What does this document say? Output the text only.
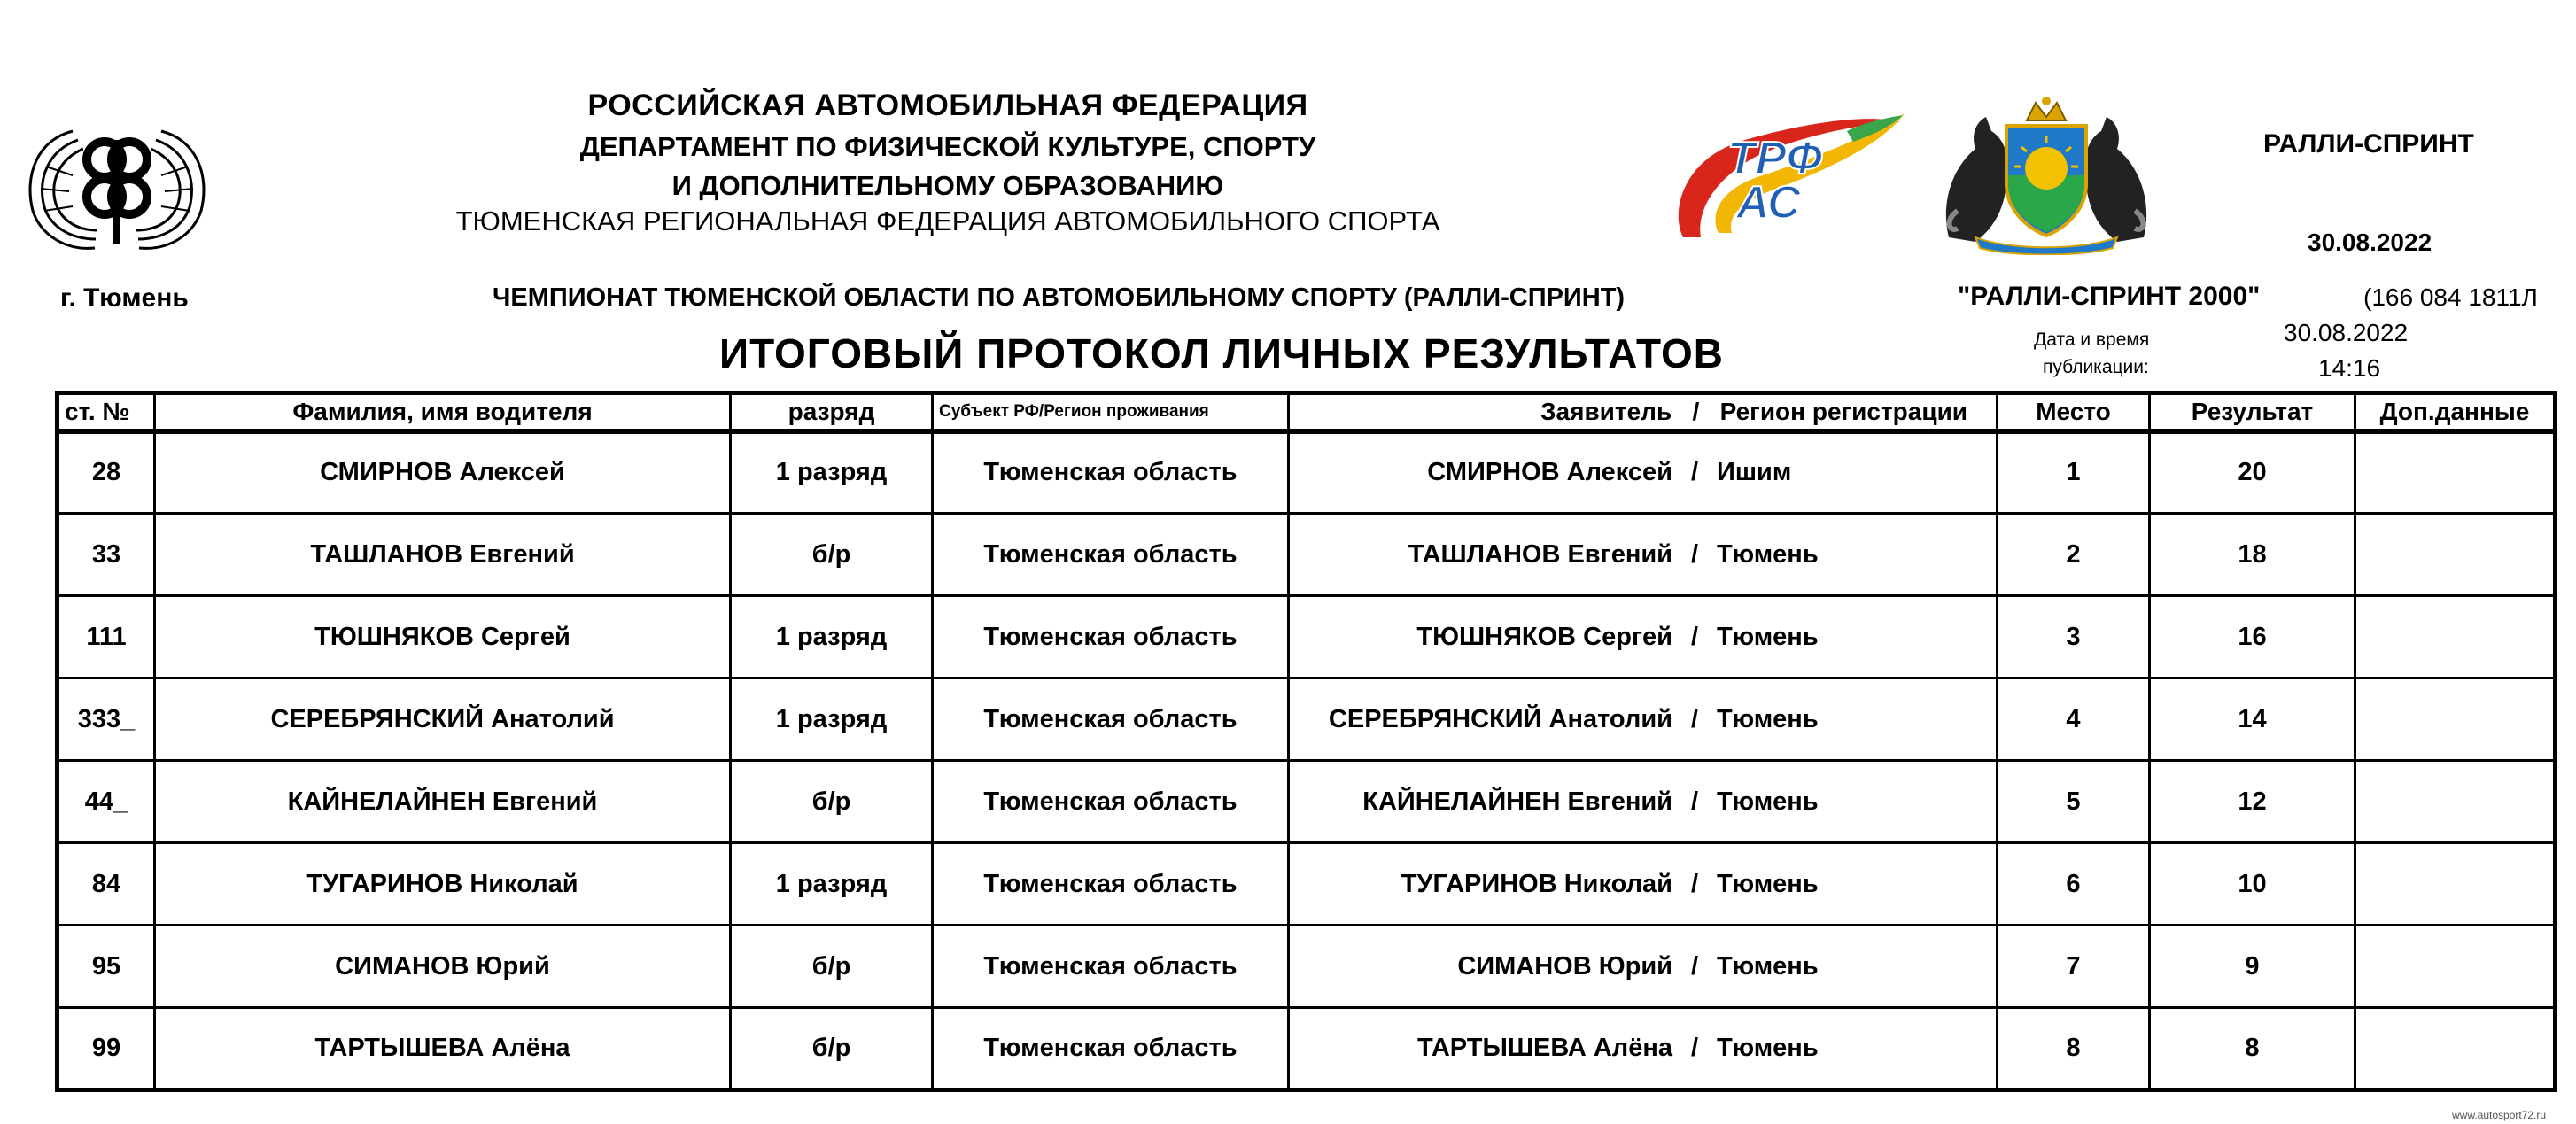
РОССИЙСКАЯ АВТОМОБИЛЬНАЯ ФЕДЕРАЦИЯ
ДЕПАРТАМЕНТ ПО ФИЗИЧЕСКОЙ КУЛЬТУРЕ, СПОРТУ
И ДОПОЛНИТЕЛЬНОМУ ОБРАЗОВАНИЮ
ТЮМЕНСКАЯ РЕГИОНАЛЬНАЯ ФЕДЕРАЦИЯ АВТОМОБИЛЬНОГО СПОРТА
ТРФ
АС
РАЛЛИ-СПРИНТ
30.08.2022
г. Тюмень	ЧЕМПИОНАТ ТЮМЕНСКОЙ ОБЛАСТИ ПО АВТОМОБИЛЬНОМУ СПОРТУ (РАЛЛИ-СПРИНТ)	"РАЛЛИ-СПРИНТ 2000"	(166 084 1811Л
ИТОГОВЫЙ ПРОТОКОЛ ЛИЧНЫХ РЕЗУЛЬТАТОВ	Дата и время
публикации:
30.08.2022
14:16
ст. №	Фамилия, имя водителя	разряд	Субъект РФ/Регион проживания	Заявитель   /   Регион регистрации	Место	Результат	Доп.данные
28	СМИРНОВ Алексей	1 разряд	Тюменская область	СМИРНОВ Алексей / Ишим	1	20	
33	ТАШЛАНОВ Евгений	б/р	Тюменская область	ТАШЛАНОВ Евгений / Тюмень	2	18	
111	ТЮШНЯКОВ Сергей	1 разряд	Тюменская область	ТЮШНЯКОВ Сергей / Тюмень	3	16	
333_	СЕРЕБРЯНСКИЙ Анатолий	1 разряд	Тюменская область	СЕРЕБРЯНСКИЙ Анатолий / Тюмень	4	14	
44_	КАЙНЕЛАЙНЕН Евгений	б/р	Тюменская область	КАЙНЕЛАЙНЕН Евгений / Тюмень	5	12	
84	ТУГАРИНОВ Николай	1 разряд	Тюменская область	ТУГАРИНОВ Николай / Тюмень	6	10	
95	СИМАНОВ Юрий	б/р	Тюменская область	СИМАНОВ Юрий / Тюмень	7	9	
99	ТАРТЫШЕВА Алёна	б/р	Тюменская область	ТАРТЫШЕВА Алёна / Тюмень	8	8	
www.autosport72.ru
